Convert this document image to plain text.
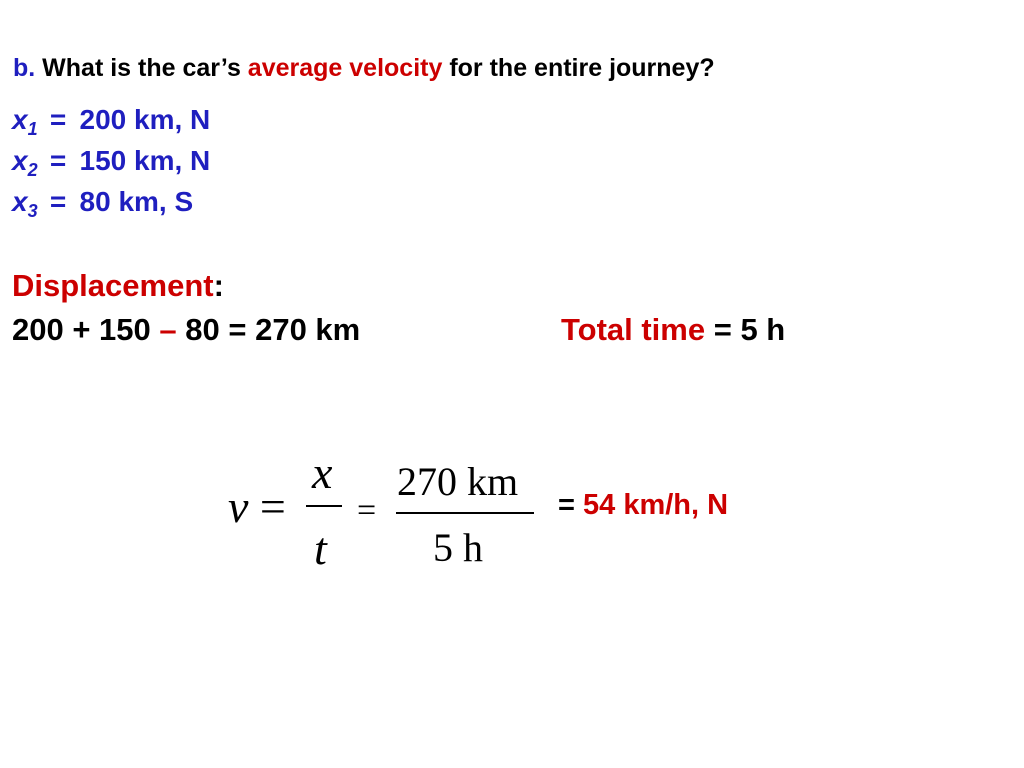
b. What is the car’s average velocity for the entire journey?
$x_1 = 200$ km, N
$x_2 = 150$ km, N
$x_3 = 80$ km, S
Displacement:
200 + 150 – 80 = 270 km	Total time = 5 h
v =
x
t
=
270 km
5 h
= 54 km/h, N
